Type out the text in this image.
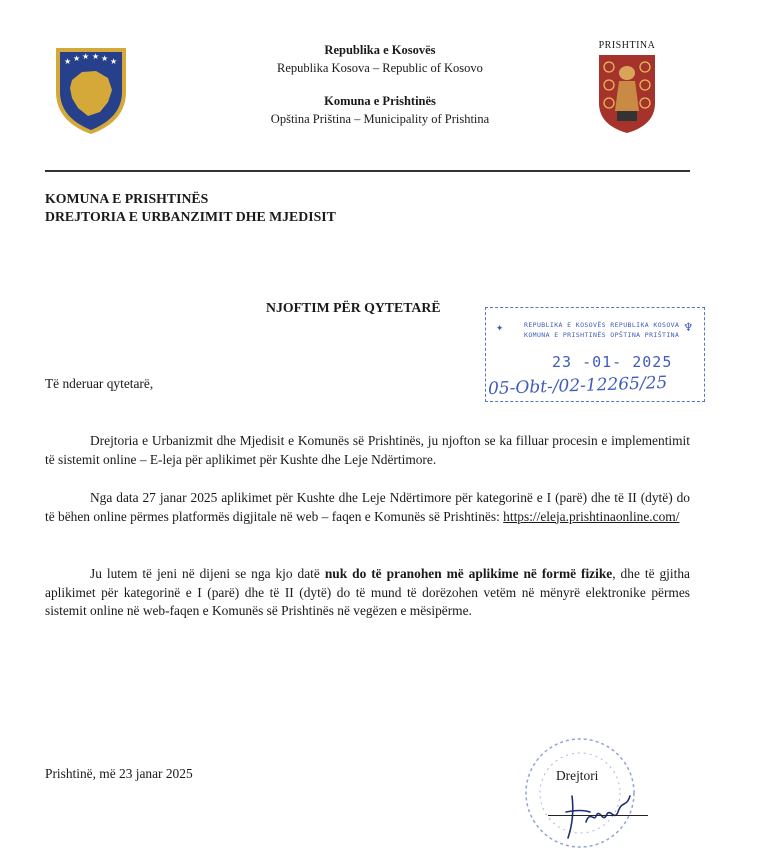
★ ★ ★ ★ ★ ★
Republika e Kosovës
Republika Kosova – Republic of Kosovo
Komuna e Prishtinës
Opština Priština – Municipality of Prishtina
PRISHTINA
KOMUNA E PRISHTINËS
DREJTORIA E URBANZIMIT DHE MJEDISIT
NJOFTIM PËR QYTETARË
REPUBLIKA E KOSOVËS REPUBLIKA KOSOVA
KOMUNA E PRISHTINËS OPŠTINA PRIŠTINA
✦	♆
23 -01- 2025
05-Obt-/02-12265/25
Të nderuar qytetarë,
Drejtoria e Urbanizmit dhe Mjedisit e Komunës së Prishtinës, ju njofton se ka filluar procesin e implementimit të sistemit online – E-leja për aplikimet për Kushte dhe Leje Ndërtimore.
Nga data 27 janar 2025 aplikimet për Kushte dhe Leje Ndërtimore për kategorinë e I (parë) dhe të II (dytë) do të bëhen online përmes platformës digjitale në web – faqen e Komunës së Prishtinës: https://eleja.prishtinaonline.com/
Ju lutem të jeni në dijeni se nga kjo datë nuk do të pranohen më aplikime në formë fizike, dhe të gjitha aplikimet për kategorinë e I (parë) dhe të II (dytë) do të mund të dorëzohen vetëm në mënyrë elektronike përmes sistemit online në web-faqen e Komunës së Prishtinës në vegëzen e mësipërme.
Prishtinë, më 23 janar 2025	Drejtori
